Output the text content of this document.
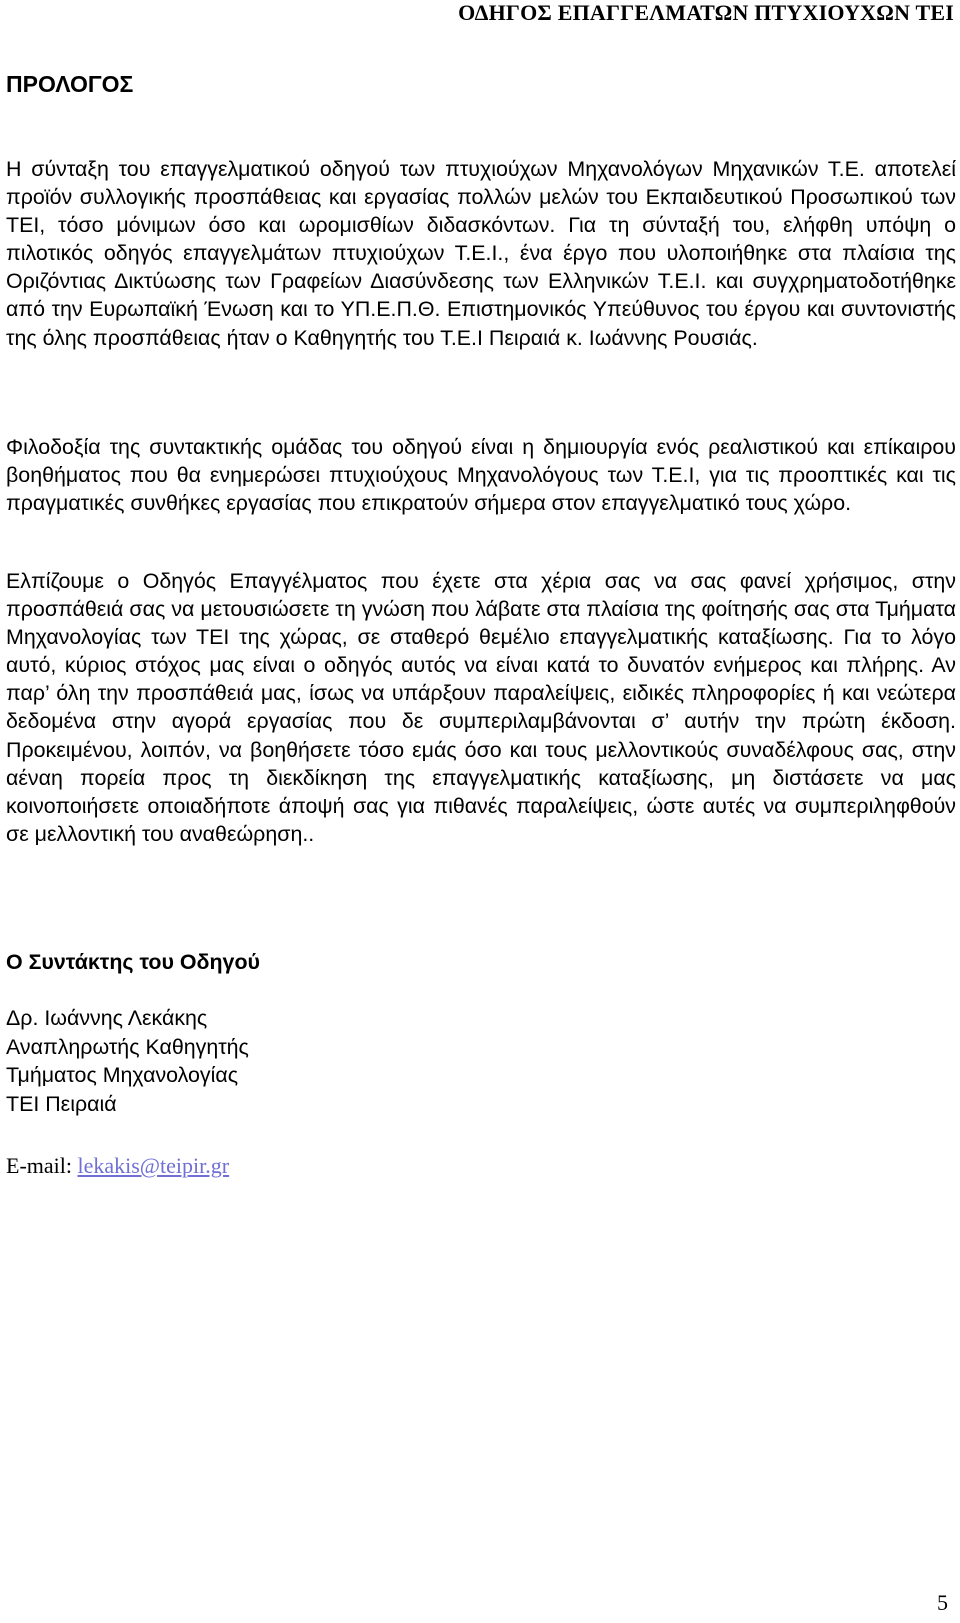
ΟΔΗΓΟΣ ΕΠΑΓΓΕΛΜΑΤΩΝ ΠΤΥΧΙΟΥΧΩΝ ΤΕΙ
ΠΡΟΛΟΓΟΣ

Η σύνταξη του επαγγελματικού οδηγού των πτυχιούχων Μηχανολόγων Μηχανικών Τ.Ε. αποτελεί προϊόν συλλογικής προσπάθειας και εργασίας πολλών μελών του Εκπαιδευτικού Προσωπικού των ΤΕΙ, τόσο μόνιμων όσο και ωρομισθίων διδασκόντων. Για τη σύνταξή του, ελήφθη υπόψη ο πιλοτικός οδηγός επαγγελμάτων πτυχιούχων Τ.Ε.Ι., ένα έργο που υλοποιήθηκε στα πλαίσια της Οριζόντιας Δικτύωσης των Γραφείων Διασύνδεσης των Ελληνικών Τ.Ε.Ι. και συγχρηματοδοτήθηκε από την Ευρωπαϊκή Ένωση και το ΥΠ.Ε.Π.Θ. Επιστημονικός Υπεύθυνος του έργου και συντονιστής της όλης προσπάθειας ήταν ο Καθηγητής του Τ.Ε.Ι Πειραιά κ. Ιωάννης Ρουσιάς.

Φιλοδοξία της συντακτικής ομάδας του οδηγού είναι η δημιουργία ενός ρεαλιστικού και επίκαιρου βοηθήματος που θα ενημερώσει πτυχιούχους Μηχανολόγους των Τ.Ε.Ι, για τις προοπτικές και τις πραγματικές συνθήκες εργασίας που επικρατούν σήμερα στον επαγγελματικό τους χώρο.

Ελπίζουμε ο Οδηγός Επαγγέλματος που έχετε στα χέρια σας να σας φανεί χρήσιμος, στην προσπάθειά σας να μετουσιώσετε τη γνώση που λάβατε στα πλαίσια της φοίτησής σας στα Τμήματα Μηχανολογίας των ΤΕΙ της χώρας, σε σταθερό θεμέλιο επαγγελματικής καταξίωσης. Για το λόγο αυτό, κύριος στόχος μας είναι ο οδηγός αυτός να είναι κατά το δυνατόν ενήμερος και πλήρης. Αν παρ’ όλη την προσπάθειά μας, ίσως να υπάρξουν παραλείψεις, ειδικές πληροφορίες ή και νεώτερα δεδομένα στην αγορά εργασίας που δε συμπεριλαμβάνονται σ’ αυτήν την πρώτη έκδοση. Προκειμένου, λοιπόν, να βοηθήσετε τόσο εμάς όσο και τους μελλοντικούς συναδέλφους σας, στην αέναη πορεία προς τη διεκδίκηση της επαγγελματικής καταξίωσης, μη διστάσετε να μας κοινοποιήσετε οποιαδήποτε άποψή σας για πιθανές παραλείψεις, ώστε αυτές να συμπεριληφθούν σε μελλοντική του αναθεώρηση..

Ο Συντάκτης του Οδηγού

Δρ. Ιωάννης Λεκάκης
Αναπληρωτής Καθηγητής
Τμήματος Μηχανολογίας
ΤΕΙ Πειραιά
E-mail: lekakis@teipir.gr
5
